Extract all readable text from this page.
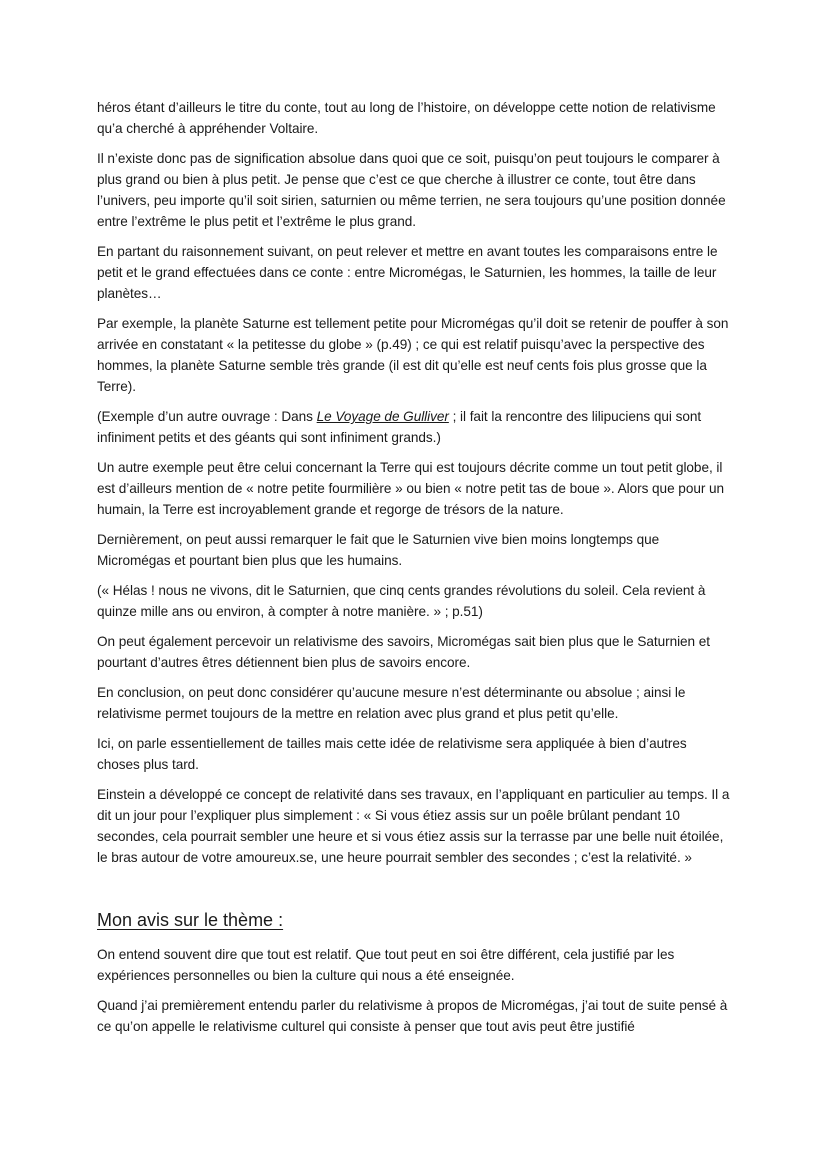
héros étant d’ailleurs le titre du conte, tout au long de l’histoire, on développe cette notion de relativisme qu’a cherché à appréhender Voltaire.

Il n’existe donc pas de signification absolue dans quoi que ce soit, puisqu’on peut toujours le comparer à plus grand ou bien à plus petit. Je pense que c’est ce que cherche à illustrer ce conte, tout être dans l’univers, peu importe qu’il soit sirien, saturnien ou même terrien, ne sera toujours qu’une position donnée entre l’extrême le plus petit et l’extrême le plus grand.

En partant du raisonnement suivant, on peut relever et mettre en avant toutes les comparaisons entre le petit et le grand effectuées dans ce conte : entre Micromégas, le Saturnien, les hommes, la taille de leur planètes…

Par exemple, la planète Saturne est tellement petite pour Micromégas qu’il doit se retenir de pouffer à son arrivée en constatant « la petitesse du globe » (p.49) ; ce qui est relatif puisqu’avec la perspective des hommes, la planète Saturne semble très grande (il est dit qu’elle est neuf cents fois plus grosse que la Terre).

(Exemple d’un autre ouvrage : Dans Le Voyage de Gulliver ; il fait la rencontre des lilipuciens qui sont infiniment petits et des géants qui sont infiniment grands.)

Un autre exemple peut être celui concernant la Terre qui est toujours décrite comme un tout petit globe, il est d’ailleurs mention de « notre petite fourmilière » ou bien « notre petit tas de boue ». Alors que pour un humain, la Terre est incroyablement grande et regorge de trésors de la nature.

Dernièrement, on peut aussi remarquer le fait que le Saturnien vive bien moins longtemps que Micromégas et pourtant bien plus que les humains.

(« Hélas ! nous ne vivons, dit le Saturnien, que cinq cents grandes révolutions du soleil. Cela revient à quinze mille ans ou environ, à compter à notre manière. » ; p.51)

On peut également percevoir un relativisme des savoirs, Micromégas sait bien plus que le Saturnien et pourtant d’autres êtres détiennent bien plus de savoirs encore.

En conclusion, on peut donc considérer qu’aucune mesure n’est déterminante ou absolue ; ainsi le relativisme permet toujours de la mettre en relation avec plus grand et plus petit qu’elle.

Ici, on parle essentiellement de tailles mais cette idée de relativisme sera appliquée à bien d’autres choses plus tard.

Einstein a développé ce concept de relativité dans ses travaux, en l’appliquant en particulier au temps. Il a dit un jour pour l’expliquer plus simplement : « Si vous étiez assis sur un poêle brûlant pendant 10 secondes, cela pourrait sembler une heure et si vous étiez assis sur la terrasse par une belle nuit étoilée, le bras autour de votre amoureux.se, une heure pourrait sembler des secondes ; c’est la relativité. »

Mon avis sur le thème :

On entend souvent dire que tout est relatif. Que tout peut en soi être différent, cela justifié par les expériences personnelles ou bien la culture qui nous a été enseignée.

Quand j’ai premièrement entendu parler du relativisme à propos de Micromégas, j’ai tout de suite pensé à ce qu’on appelle le relativisme culturel qui consiste à penser que tout avis peut être justifié
